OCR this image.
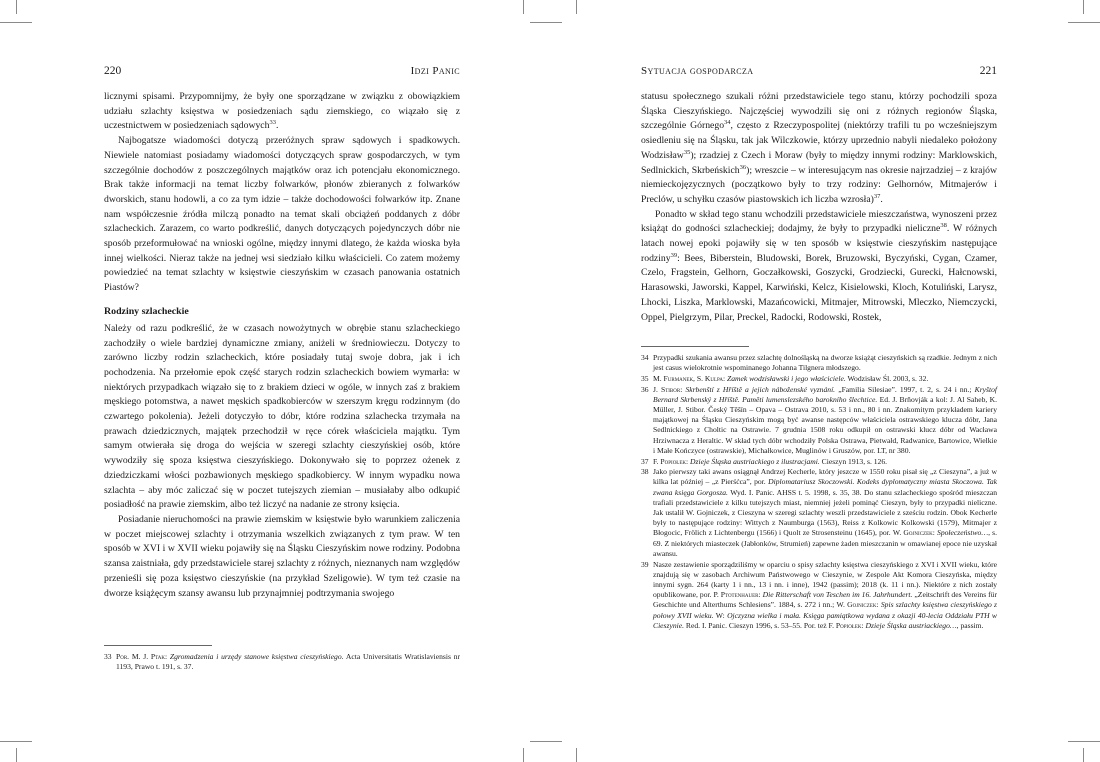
220	Idzi Panic

licznymi spisami. Przypomnijmy, że były one sporządzane w związku z obowiązkiem udziału szlachty księstwa w posiedzeniach sądu ziemskiego, co wiązało się z uczestnictwem w posiedzeniach sądowych$^{33}$.

Najbogatsze wiadomości dotyczą przeróżnych spraw sądowych i spadkowych. Niewiele natomiast posiadamy wiadomości dotyczących spraw gospodarczych, w tym szczególnie dochodów z poszczególnych majątków oraz ich potencjału ekonomicznego. Brak także informacji na temat liczby folwarków, płonów zbieranych z folwarków dworskich, stanu hodowli, a co za tym idzie – także dochodowości folwarków itp. Znane nam współczesnie źródła milczą ponadto na temat skali obciążeń poddanych z dóbr szlacheckich. Zarazem, co warto podkreślić, danych dotyczących pojedynczych dóbr nie sposób przeformułować na wnioski ogólne, między innymi dlatego, że każda wioska była innej wielkości. Nieraz także na jednej wsi siedziało kilku właścicieli. Co zatem możemy powiedzieć na temat szlachty w księstwie cieszyńskim w czasach panowania ostatnich Piastów?

Rodziny szlacheckie

Należy od razu podkreślić, że w czasach nowożytnych w obrębie stanu szlacheckiego zachodziły o wiele bardziej dynamiczne zmiany, aniżeli w średniowieczu. Dotyczy to zarówno liczby rodzin szlacheckich, które posiadały tutaj swoje dobra, jak i ich pochodzenia. Na przełomie epok część starych rodzin szlacheckich bowiem wymarła: w niektórych przypadkach wiązało się to z brakiem dzieci w ogóle, w innych zaś z brakiem męskiego potomstwa, a nawet męskich spadkobierców w szerszym kręgu rodzinnym (do czwartego pokolenia). Jeżeli dotyczyło to dóbr, które rodzina szlachecka trzymała na prawach dziedzicznych, majątek przechodził w ręce córek właściciela majątku. Tym samym otwierała się droga do wejścia w szeregi szlachty cieszyńskiej osób, które wywodziły się spoza księstwa cieszyńskiego. Dokonywało się to poprzez ożenek z dziedziczkami włości pozbawionych męskiego spadkobiercy. W innym wypadku nowa szlachta – aby móc zaliczać się w poczet tutejszych ziemian – musiałaby albo odkupić posiadłość na prawie ziemskim, albo też liczyć na nadanie ze strony księcia.

Posiadanie nieruchomości na prawie ziemskim w księstwie było warunkiem zaliczenia w poczet miejscowej szlachty i otrzymania wszelkich związanych z tym praw. W ten sposób w XVI i w XVII wieku pojawiły się na Śląsku Cieszyńskim nowe rodziny. Podobna szansa zaistniała, gdy przedstawiciele starej szlachty z różnych, nieznanych nam względów przenieśli się poza księstwo cieszyńskie (na przykład Szeligowie). W tym też czasie na dworze książęcym szansy awansu lub przynajmniej podtrzymania swojego

33 Por. M. J. Ptak: Zgromadzenia i urzędy stanowe księstwa cieszyńskiego. Acta Universitatis Wratislaviensis nr 1193, Prawo t. 191, s. 37.
Sytuacja gospodarcza	221

statusu społecznego szukali różni przedstawiciele tego stanu, którzy pochodzili spoza Śląska Cieszyńskiego. Najczęściej wywodzili się oni z różnych regionów Śląska, szczególnie Górnego$^{34}$, często z Rzeczypospolitej (niektórzy trafili tu po wcześniejszym osiedleniu się na Śląsku, tak jak Wilczkowie, którzy uprzednio nabyli niedaleko położony Wodzisław$^{35}$); rzadziej z Czech i Moraw (były to między innymi rodziny: Marklowskich, Sedlnickich, Skrbeńskich$^{36}$); wreszcie – w interesującym nas okresie najrzadziej – z krajów niemieckojęzycznych (początkowo były to trzy rodziny: Gelhornów, Mitmajerów i Preclów, u schyłku czasów piastowskich ich liczba wzrosła)$^{37}$.

Ponadto w skład tego stanu wchodzili przedstawiciele mieszczaństwa, wynoszeni przez książąt do godności szlacheckiej; dodajmy, że były to przypadki nieliczne$^{38}$. W różnych latach nowej epoki pojawiły się w ten sposób w księstwie cieszyńskim następujące rodziny$^{39}$: Bees, Biberstein, Bludowski, Borek, Bruzowski, Byczyński, Cygan, Czamer, Czelo, Fragstein, Gelhorn, Goczałkowski, Goszycki, Grodziecki, Gurecki, Hałcnowski, Harasowski, Jaworski, Kappel, Karwiński, Kelcz, Kisielowski, Kloch, Kotuliński, Larysz, Lhocki, Liszka, Marklowski, Mazańcowicki, Mitmajer, Mitrowski, Mleczko, Niemczycki, Oppel, Pielgrzym, Pilar, Preckel, Radocki, Rodowski, Rostek,

34 Przypadki szukania awansu przez szlachtę dolnośląską na dworze książąt cieszyńskich są rzadkie. Jednym z nich jest casus wielokrotnie wspominanego Johanna Tilgnera młodszego.
35 M. Furmanek, S. Kulpa: Zamek wodzisławski i jego właściciele. Wodzisław Śl. 2003, s. 32.
36 J. Stibor: Skrbenští z Hříště a jejich náboženské vyznání. „Familia Silesiae”. 1997, t. 2, s. 24 i nn.; Kryštof Bernard Skrbenský z Hříště. Paměti lumenslezského barokního šlechtice. Ed. J. Brňovják a kol: J. Al Saheb, K. Müller, J. Stibor. Český Těšín – Opava – Ostrava 2010, s. 53 i nn., 80 i nn. Znakomitym przykładem kariery majątkowej na Śląsku Cieszyńskim mogą być awanse następców właściciela ostrawskiego klucza dóbr, Jana Sedlnickiego z Choltic na Ostrawie. 7 grudnia 1508 roku odkupił on ostrawski klucz dóbr od Wacława Hrziwnacza z Heraltic. W skład tych dóbr wchodziły Polska Ostrawa, Pietwałd, Radwanice, Bartowice, Wielkie i Małe Kończyce (ostrawskie), Michałkowice, Muglinów i Gruszów, por. LT, nr 380.
37 F. Popiołek: Dzieje Śląska austriackiego z ilustracjami. Cieszyn 1913, s. 126.
38 Jako pierwszy taki awans osiągnął Andrzej Kecherle, który jeszcze w 1550 roku pisał się „z Cieszyna”, a już w kilka lat później – „z Pierśćca”, por. Diplomatariusz Skoczowski. Kodeks dyplomatyczny miasta Skoczowa. Tak zwana księga Gorgosza. Wyd. I. Panic. AHSS t. 5. 1998, s. 35, 38. Do stanu szlacheckiego spośród mieszczan trafiali przedstawiciele z kilku tutejszych miast, niemniej jeżeli pominąć Cieszyn, były to przypadki nieliczne. Jak ustalił W. Gojniczek, z Cieszyna w szeregi szlachty weszli przedstawiciele z sześciu rodzin. Obok Kecherle były to następujące rodziny: Wittych z Naumburga (1563), Reiss z Kolkowic Kolkowski (1579), Mitmajer z Błogocic, Frölich z Lichtenbergu (1566) i Quolt ze Strosensteinu (1645), por. W. Gojniczek: Społeczeństwo…, s. 69. Z niektórych miasteczek (Jabłonków, Strumień) zapewne żaden mieszczanin w omawianej epoce nie uzyskał awansu.
39 Nasze zestawienie sporządziliśmy w oparciu o spisy szlachty księstwa cieszyńskiego z XVI i XVII wieku, które znajdują się w zasobach Archiwum Państwowego w Cieszynie, w Zespole Akt Komora Cieszyńska, między innymi sygn. 264 (karty 1 i nn., 13 i nn. i inne), 1942 (passim); 2018 (k. 11 i nn.). Niektóre z nich zostały opublikowane, por. P. Ptotenhauer: Die Ritterschaft von Teschen im 16. Jahrhundert. „Zeitschrift des Vereins für Geschichte und Alterthums Schlesiens”. 1884, s. 272 i nn.; W. Gojniczek: Spis szlachty księstwa cieszyńskiego z połowy XVII wieku. W: Ojczyzna wielka i mała. Księga pamiątkowa wydana z okazji 40-lecia Oddziału PTH w Cieszynie. Red. I. Panic. Cieszyn 1996, s. 53–55. Por. też F. Popiołek: Dzieje Śląska austriackiego…, passim.
